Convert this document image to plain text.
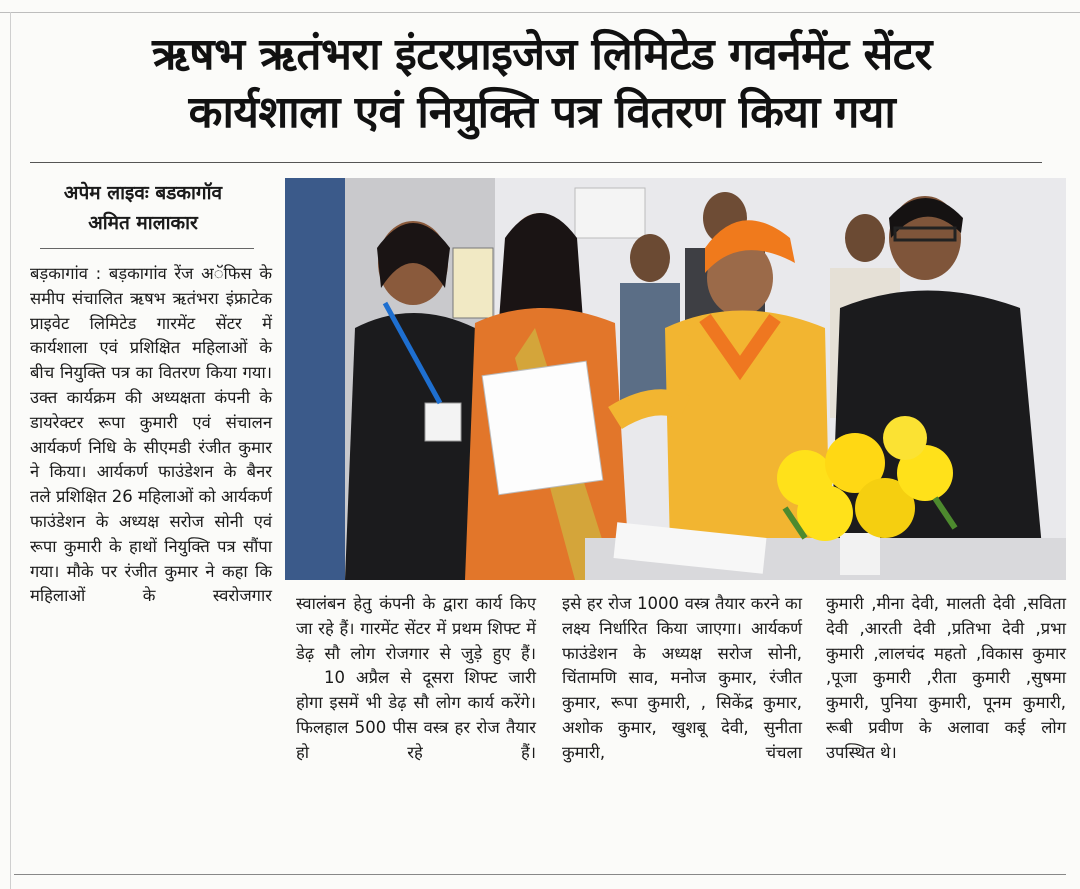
ऋषभ ऋतंभरा इंटरप्राइजेज लिमिटेड गवर्नमेंट सेंटर
कार्यशाला एवं नियुक्ति पत्र वितरण किया गया
अपेम लाइवः बडकागॉव
अमित मालाकार

बड़कागांव : बड़कागांव रेंज अॅफिस के समीप संचालित ऋषभ ऋतंभरा इंफ्राटेक प्राइवेट लिमिटेड गारमेंट सेंटर में कार्यशाला एवं प्रशिक्षित महिलाओं के बीच नियुक्ति पत्र का वितरण किया गया। उक्त कार्यक्रम की अध्यक्षता कंपनी के डायरेक्टर रूपा कुमारी एवं संचालन आर्यकर्ण निधि के सीएमडी रंजीत कुमार ने किया। आर्यकर्ण फाउंडेशन के बैनर तले प्रशिक्षित 26 महिलाओं को आर्यकर्ण फाउंडेशन के अध्यक्ष सरोज सोनी एवं रूपा कुमारी के हाथों नियुक्ति पत्र सौंपा गया। मौके पर रंजीत कुमार ने कहा कि महिलाओं के स्वरोजगार स्वालंबन हेतु कंपनी के द्वारा कार्य किए जा रहे हैं। गारमेंट सेंटर में प्रथम शिफ्ट में डेढ़ सौ लोग रोजगार से जुड़े हुए हैं।

10 अप्रैल से दूसरा शिफ्ट जारी होगा इसमें भी डेढ़ सौ लोग कार्य करेंगे। फिलहाल 500 पीस वस्त्र हर रोज तैयार हो रहे हैं।

इसे हर रोज 1000 वस्त्र तैयार करने का लक्ष्य निर्धारित किया जाएगा। आर्यकर्ण फाउंडेशन के अध्यक्ष सरोज सोनी, चिंतामणि साव, मनोज कुमार, रंजीत कुमार, रूपा कुमारी, , सिकेंद्र कुमार, अशोक कुमार, खुशबू देवी, सुनीता कुमारी, चंचला

कुमारी ,मीना देवी, मालती देवी ,सविता देवी ,आरती देवी ,प्रतिभा देवी ,प्रभा कुमारी ,लालचंद महतो ,विकास कुमार ,पूजा कुमारी ,रीता कुमारी ,सुषमा कुमारी, पुनिया कुमारी, पूनम कुमारी, रूबी प्रवीण के अलावा कई लोग उपस्थित थे।
